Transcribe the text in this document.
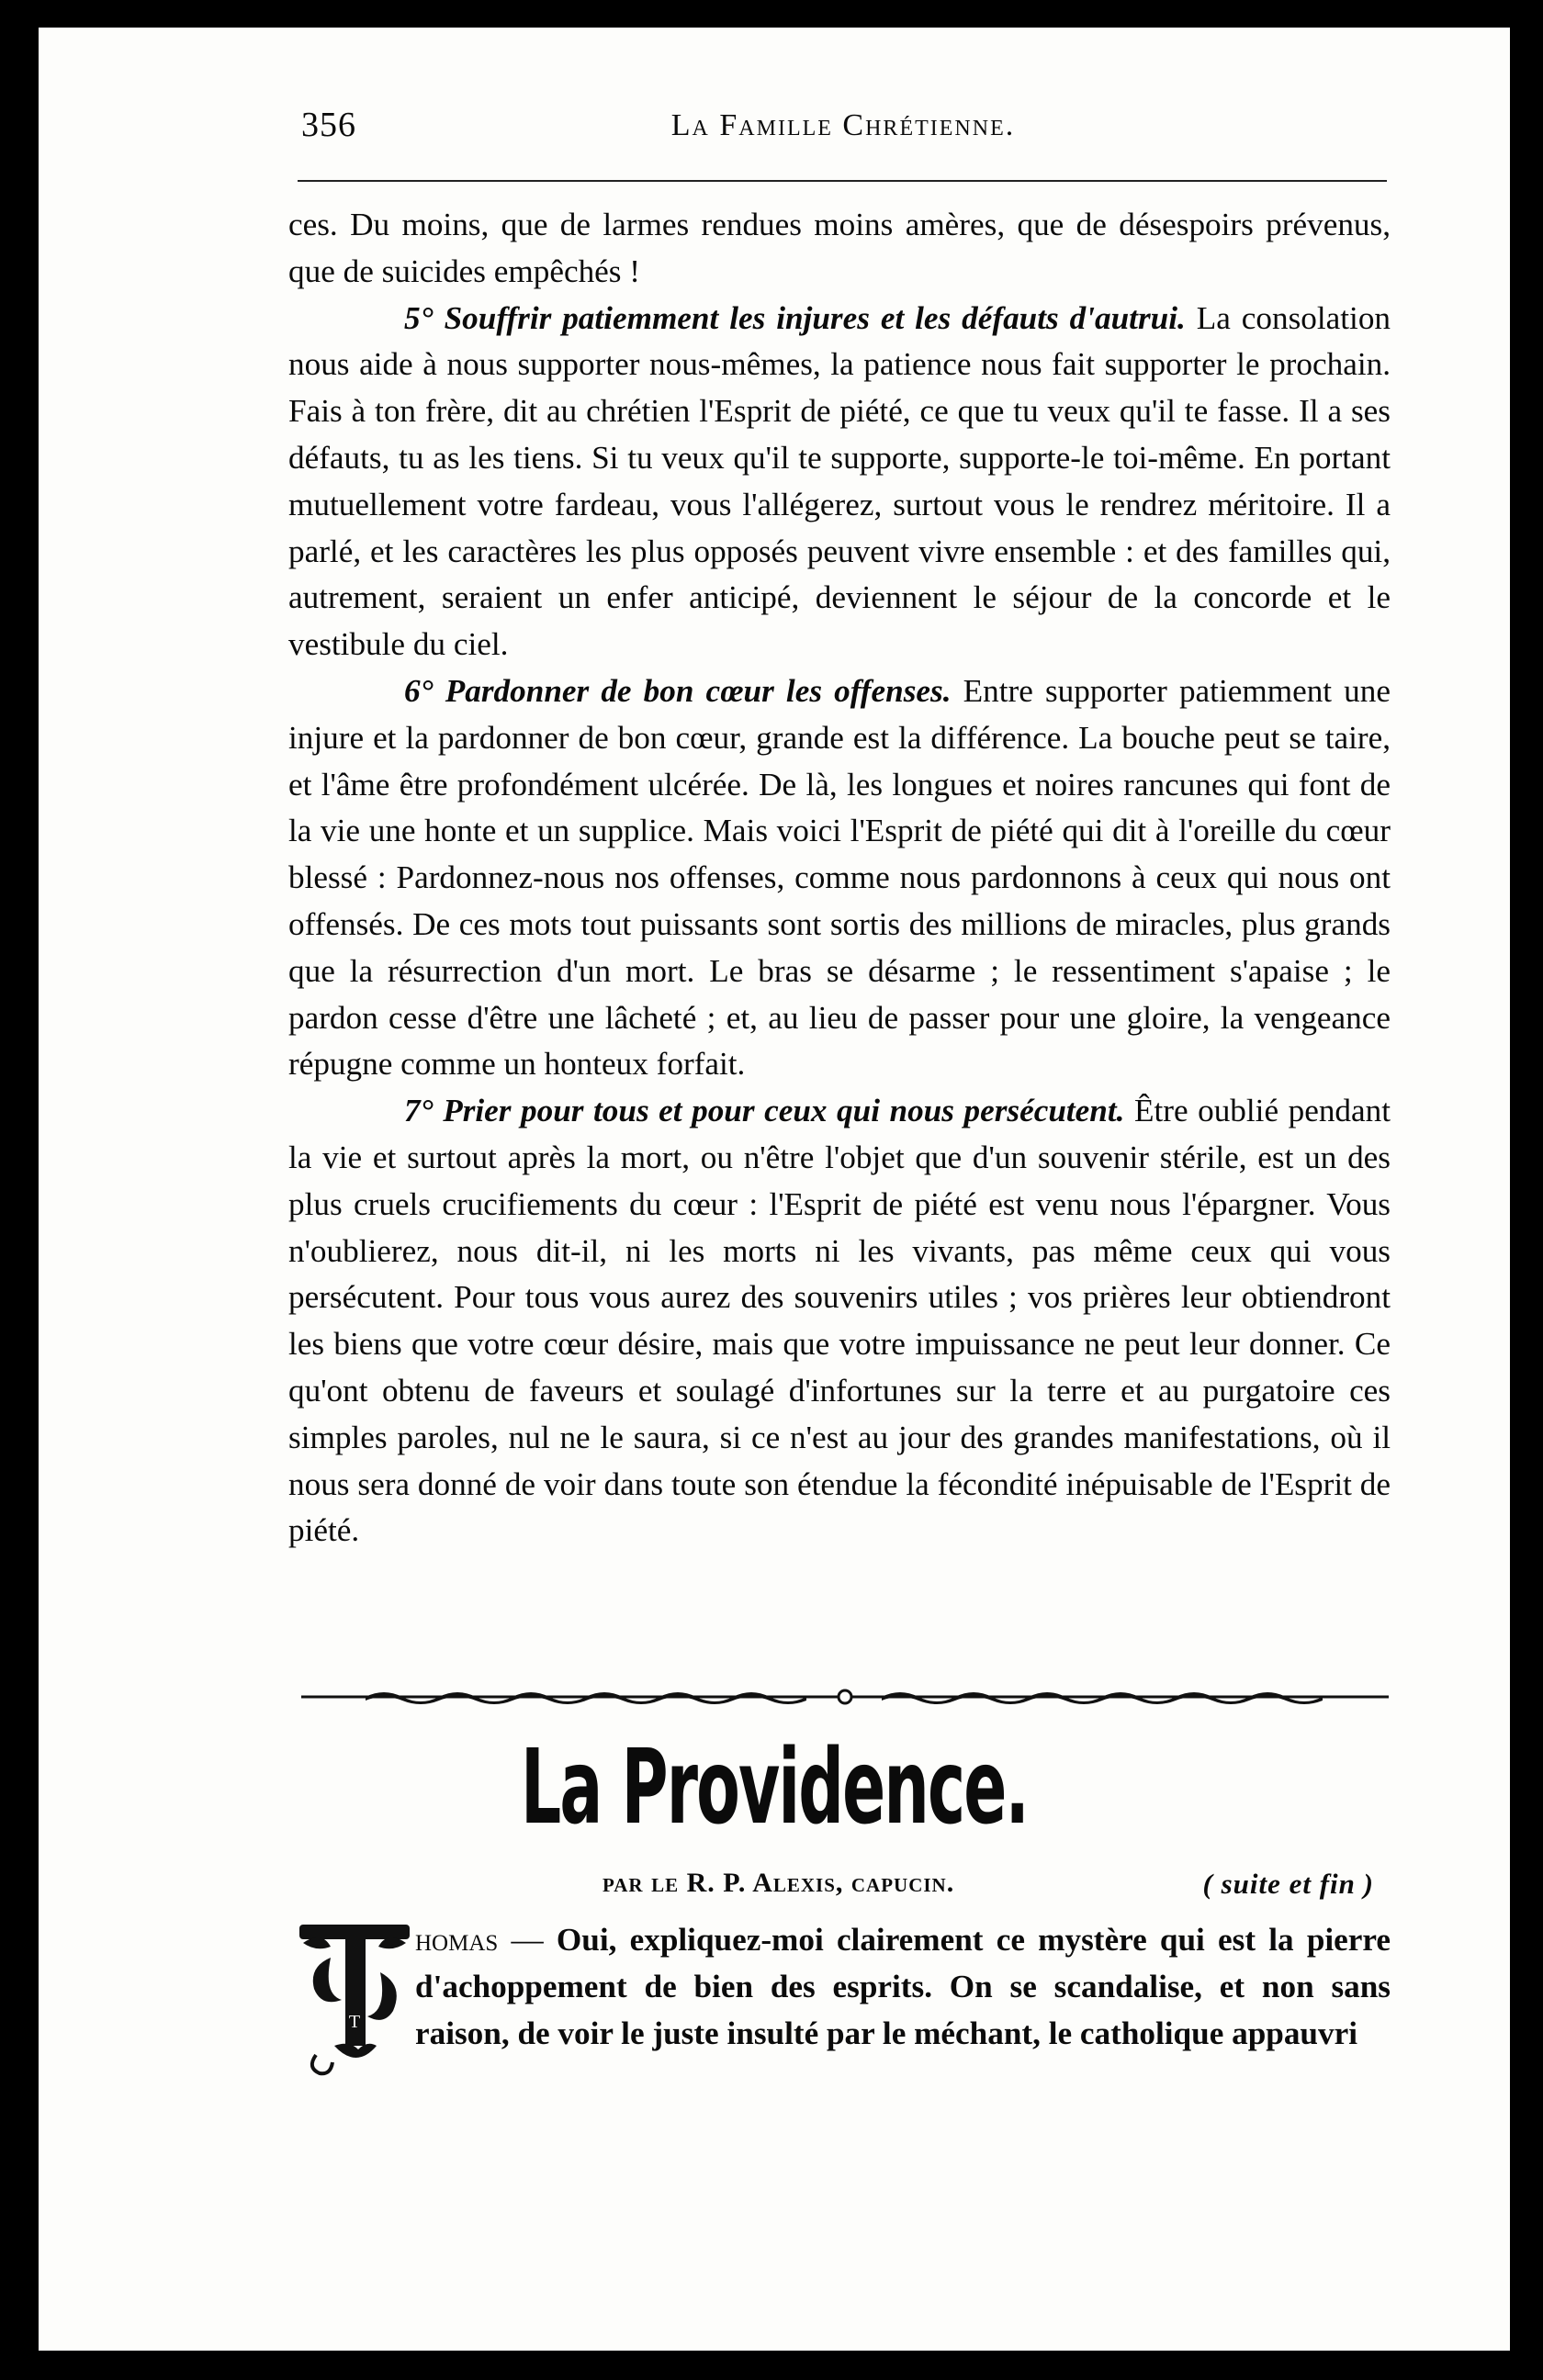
356	La Famille Chrétienne.

ces. Du moins, que de larmes rendues moins amères, que de désespoirs prévenus, que de suicides empêchés !

5° Souffrir patiemment les injures et les défauts d'autrui. La consolation nous aide à nous supporter nous-mêmes, la patience nous fait supporter le prochain. Fais à ton frère, dit au chrétien l'Esprit de piété, ce que tu veux qu'il te fasse. Il a ses défauts, tu as les tiens. Si tu veux qu'il te supporte, supporte-le toi-même. En portant mutuellement votre fardeau, vous l'allégerez, surtout vous le rendrez méritoire. Il a parlé, et les caractères les plus opposés peuvent vivre ensemble : et des familles qui, autrement, seraient un enfer anticipé, deviennent le séjour de la concorde et le vestibule du ciel.

6° Pardonner de bon cœur les offenses. Entre supporter patiemment une injure et la pardonner de bon cœur, grande est la différence. La bouche peut se taire, et l'âme être profondément ulcérée. De là, les longues et noires rancunes qui font de la vie une honte et un supplice. Mais voici l'Esprit de piété qui dit à l'oreille du cœur blessé : Pardonnez-nous nos offenses, comme nous pardonnons à ceux qui nous ont offensés. De ces mots tout puissants sont sortis des millions de miracles, plus grands que la résurrection d'un mort. Le bras se désarme ; le ressentiment s'apaise ; le pardon cesse d'être une lâcheté ; et, au lieu de passer pour une gloire, la vengeance répugne comme un honteux forfait.

7° Prier pour tous et pour ceux qui nous persécutent. Être oublié pendant la vie et surtout après la mort, ou n'être l'objet que d'un souvenir stérile, est un des plus cruels crucifiements du cœur : l'Esprit de piété est venu nous l'épargner. Vous n'oublierez, nous dit-il, ni les morts ni les vivants, pas même ceux qui vous persécutent. Pour tous vous aurez des souvenirs utiles ; vos prières leur obtiendront les biens que votre cœur désire, mais que votre impuissance ne peut leur donner. Ce qu'ont obtenu de faveurs et soulagé d'infortunes sur la terre et au purgatoire ces simples paroles, nul ne le saura, si ce n'est au jour des grandes manifestations, où il nous sera donné de voir dans toute son étendue la fécondité inépuisable de l'Esprit de piété.

La Providence.
par le R. P. Alexis, capucin.	( suite et fin )
T

homas — Oui, expliquez-moi clairement ce mystère qui est la pierre d'achoppement de bien des esprits. On se scandalise, et non sans raison, de voir le juste insulté par le méchant, le catholique appauvri
